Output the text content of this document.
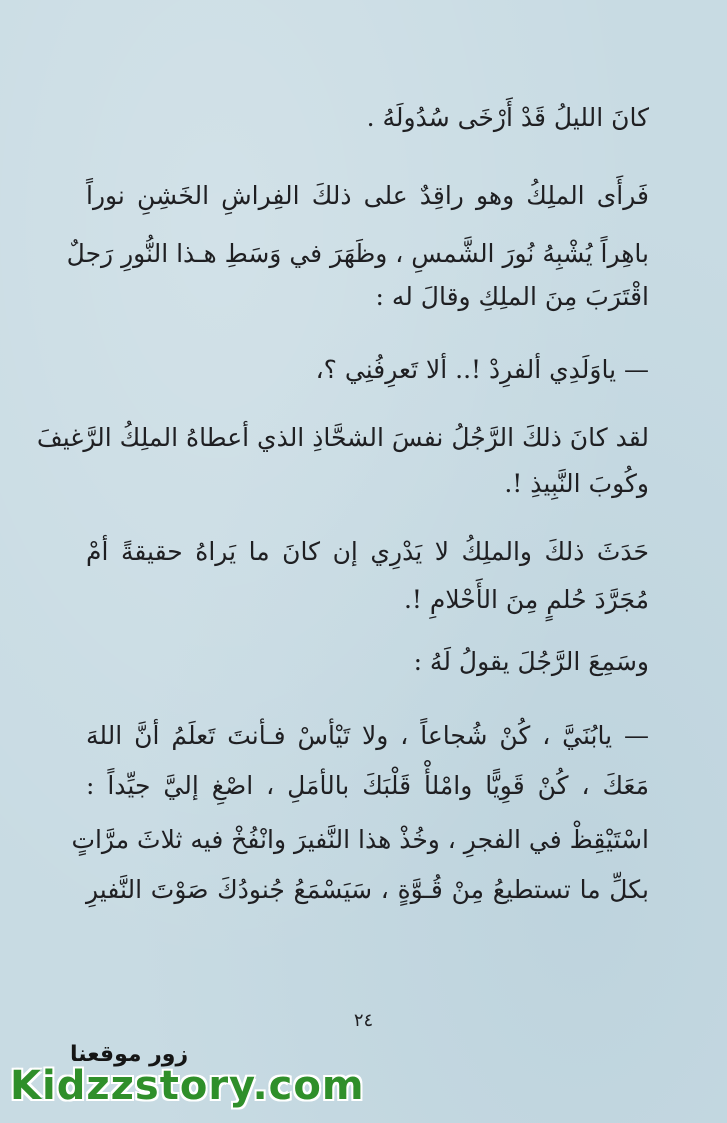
كانَ الليلُ قَدْ أَرْخَى سُدُولَهُ .
فَرأَى الملِكُ وهو راقِدٌ على ذلكَ الفِراشِ الخَشِنِ نوراً
باهِراً يُشْبِهُ نُورَ الشَّمسِ ، وظَهَرَ في وَسَطِ هـذا النُّورِ رَجلٌ
اقْتَرَبَ مِنَ الملِكِ وقالَ له :
— ياوَلَدِي ألفرِدْ !.. ألا تَعرِفُنِي ؟،
لقد كانَ ذلكَ الرَّجُلُ نفسَ الشحَّاذِ الذي أعطاهُ الملِكُ الرَّغيفَ
وكُوبَ النَّبِيذِ !.
حَدَثَ ذلكَ والملِكُ لا يَدْرِي إن كانَ ما يَراهُ حقيقةً أمْ
مُجَرَّدَ حُلمٍ مِنَ الأَحْلامِ !.
وسَمِعَ الرَّجُلَ يقولُ لَهُ :
— يابُنَيَّ ، كُنْ شُجاعاً ، ولا تَيْأسْ فـأنتَ تَعلَمُ أنَّ اللهَ
مَعَكَ ، كُنْ قَوِيًّا وامْلأْ قَلْبَكَ بالأمَلِ ، اصْغِ إليَّ جيِّداً :
اسْتَيْقِظْ في الفجرِ ، وخُذْ هذا النَّفيرَ وانْفُخْ فيه ثلاثَ مرَّاتٍ
بكلِّ ما تستطيعُ مِنْ قُـوَّةٍ ، سَيَسْمَعُ جُنودُكَ صَوْتَ النَّفيرِ
٢٤
زور موقعنا
Kidzzstory.com
